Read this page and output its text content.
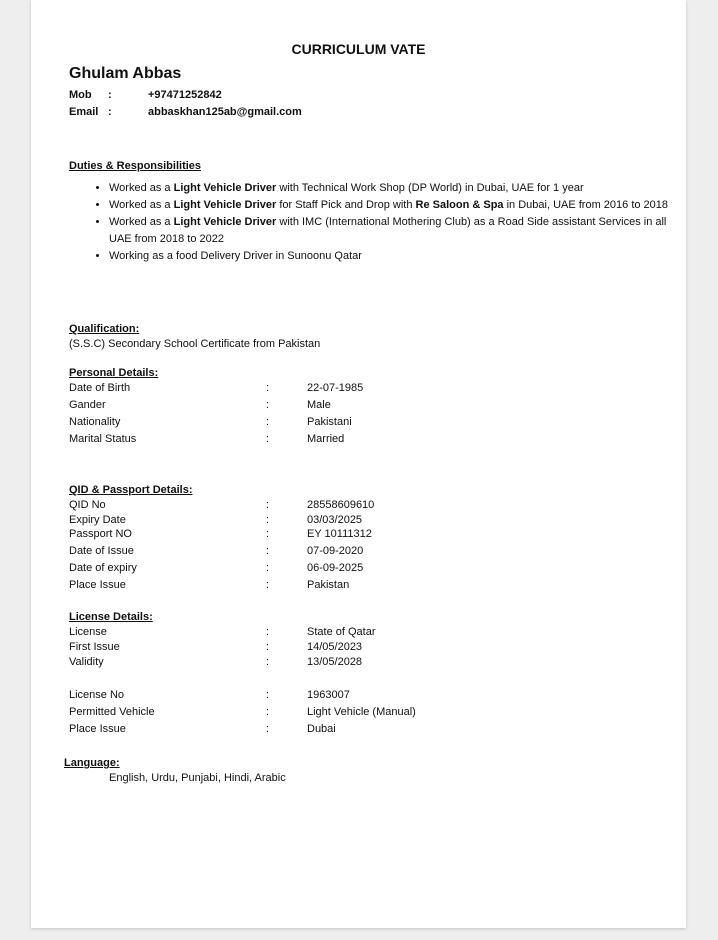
CURRICULUM VATE
Ghulam Abbas
Mob :	+97471252842
Email :	abbaskhan125ab@gmail.com
Duties & Responsibilities
• Worked as a Light Vehicle Driver with Technical Work Shop (DP World) in Dubai, UAE for 1 year
• Worked as a Light Vehicle Driver for Staff Pick and Drop with Re Saloon & Spa in Dubai, UAE from 2016 to 2018
• Worked as a Light Vehicle Driver with IMC (International Mothering Club) as a Road Side assistant Services in all UAE from 2018 to 2022
• Working as a food Delivery Driver in Sunoonu Qatar
Qualification:
(S.S.C) Secondary School Certificate from Pakistan
Personal Details:
Date of Birth	:	22-07-1985
Gander	:	Male
Nationality	:	Pakistani
Marital Status	:	Married
QID & Passport Details:
QID No	:	28558609610
Expiry Date	:	03/03/2025
Passport NO	:	EY 10111312
Date of Issue	:	07-09-2020
Date of expiry	:	06-09-2025
Place Issue	:	Pakistan
License Details:
License	:	State of Qatar
First Issue	:	14/05/2023
Validity	:	13/05/2028
License No	:	1963007
Permitted Vehicle	:	Light Vehicle (Manual)
Place Issue	:	Dubai
Language:
English, Urdu, Punjabi, Hindi, Arabic
